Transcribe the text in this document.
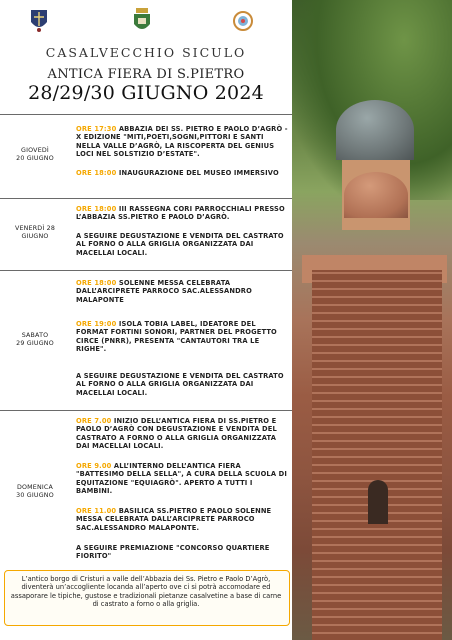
CASALVECCHIO SICULO
ANTICA FIERA DI S.PIETRO
28/29/30 GIUGNO 2024
GIOVEDÌ
20 GIUGNO
ORE 17:30 ABBAZIA DEI SS. PIETRO E PAOLO D’AGRÒ - X EDIZIONE "MITI,POETI,SOGNI,PITTORI E SANTI NELLA VALLE D’AGRÒ, LA RISCOPERTA DEL GENIUS LOCI NEL SOLSTIZIO D’ESTATE".
ORE 18:00 INAUGURAZIONE DEL MUSEO IMMERSIVO
VENERDÌ 28
GIUGNO
ORE 18:00 III RASSEGNA CORI PARROCCHIALI PRESSO L’ABBAZIA SS.PIETRO E PAOLO D’AGRÒ.
A SEGUIRE DEGUSTAZIONE E VENDITA DEL CASTRATO AL FORNO O ALLA GRIGLIA ORGANIZZATA DAI MACELLAI LOCALI.
SABATO
29 GIUGNO
ORE 18:00 SOLENNE MESSA CELEBRATA DALL’ARCIPRETE PARROCO SAC.ALESSANDRO MALAPONTE
ORE 19:00 ISOLA TOBIA LABEL, IDEATORE DEL FORMAT FORTINI SONORI, PARTNER DEL PROGETTO CIRCE (PNRR), PRESENTA "CANTAUTORI TRA LE RIGHE".
A SEGUIRE DEGUSTAZIONE E VENDITA DEL CASTRATO AL FORNO O ALLA GRIGLIA ORGANIZZATA DAI MACELLAI LOCALI.
DOMENICA
30 GIUGNO
ORE 7.00 INIZIO DELL’ANTICA FIERA DI SS.PIETRO E PAOLO D’AGRÒ CON DEGUSTAZIONE E VENDITA DEL CASTRATO A FORNO O ALLA GRIGLIA ORGANIZZATA DAI MACELLAI LOCALI.
ORE 9.00 ALL’INTERNO DELL’ANTICA FIERA "BATTESIMO DELLA SELLA", A CURA DELLA SCUOLA DI EQUITAZIONE "EQUIAGRÒ". APERTO A TUTTI I BAMBINI.
ORE 11.00 BASILICA SS.PIETRO E PAOLO SOLENNE MESSA CELEBRATA DALL’ARCIPRETE PARROCO SAC.ALESSANDRO MALAPONTE.
A SEGUIRE PREMIAZIONE "CONCORSO QUARTIERE FIORITO"
L’antico borgo di Cristuri a valle dell’Abbazia dei Ss. Pietro e Paolo D’Agrò, diventerà un’accogliente locanda all’aperto ove ci si potrà accomodare ed assaporare le tipiche, gustose e tradizionali pietanze casalvetine a base di carne di castrato a forno o alla griglia.
